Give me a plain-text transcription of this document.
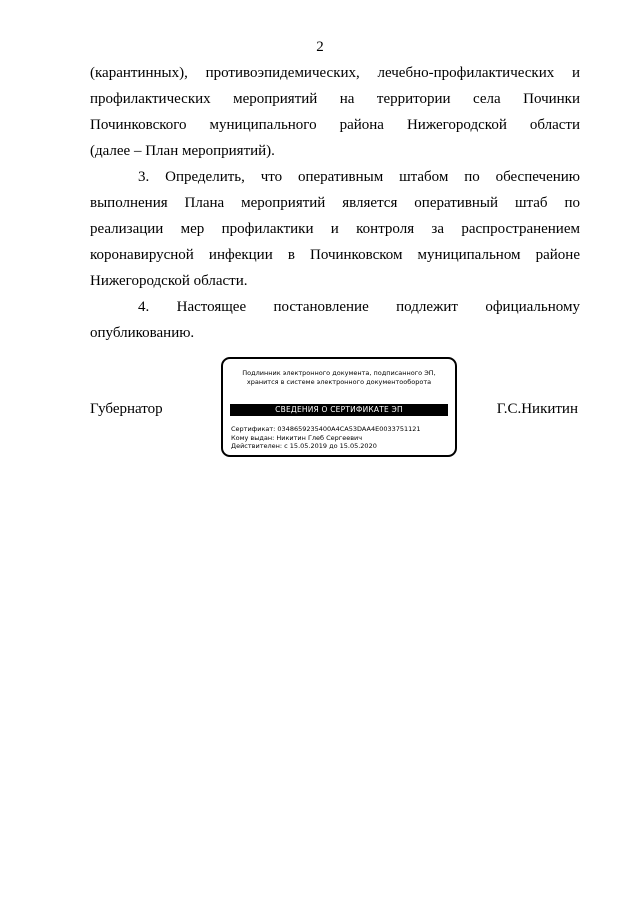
2

(карантинных), противоэпидемических, лечебно-профилактических и
профилактических мероприятий на территории села Починки
Починковского муниципального района Нижегородской области
(далее – План мероприятий).

3. Определить, что оперативным штабом по обеспечению
выполнения Плана мероприятий является оперативный штаб по
реализации мер профилактики и контроля за распространением
коронавирусной инфекции в Починковском муниципальном районе
Нижегородской области.

4. Настоящее постановление подлежит официальному
опубликованию.

Губернатор
Подлинник электронного документа, подписанного ЭП,
хранится в системе электронного документооборота
СВЕДЕНИЯ О СЕРТИФИКАТЕ ЭП
Сертификат: 0348659235400A4CA53DAA4E0033751121
Кому выдан: Никитин Глеб Сергеевич
Действителен: с 15.05.2019 до 15.05.2020
Г.С.Никитин
